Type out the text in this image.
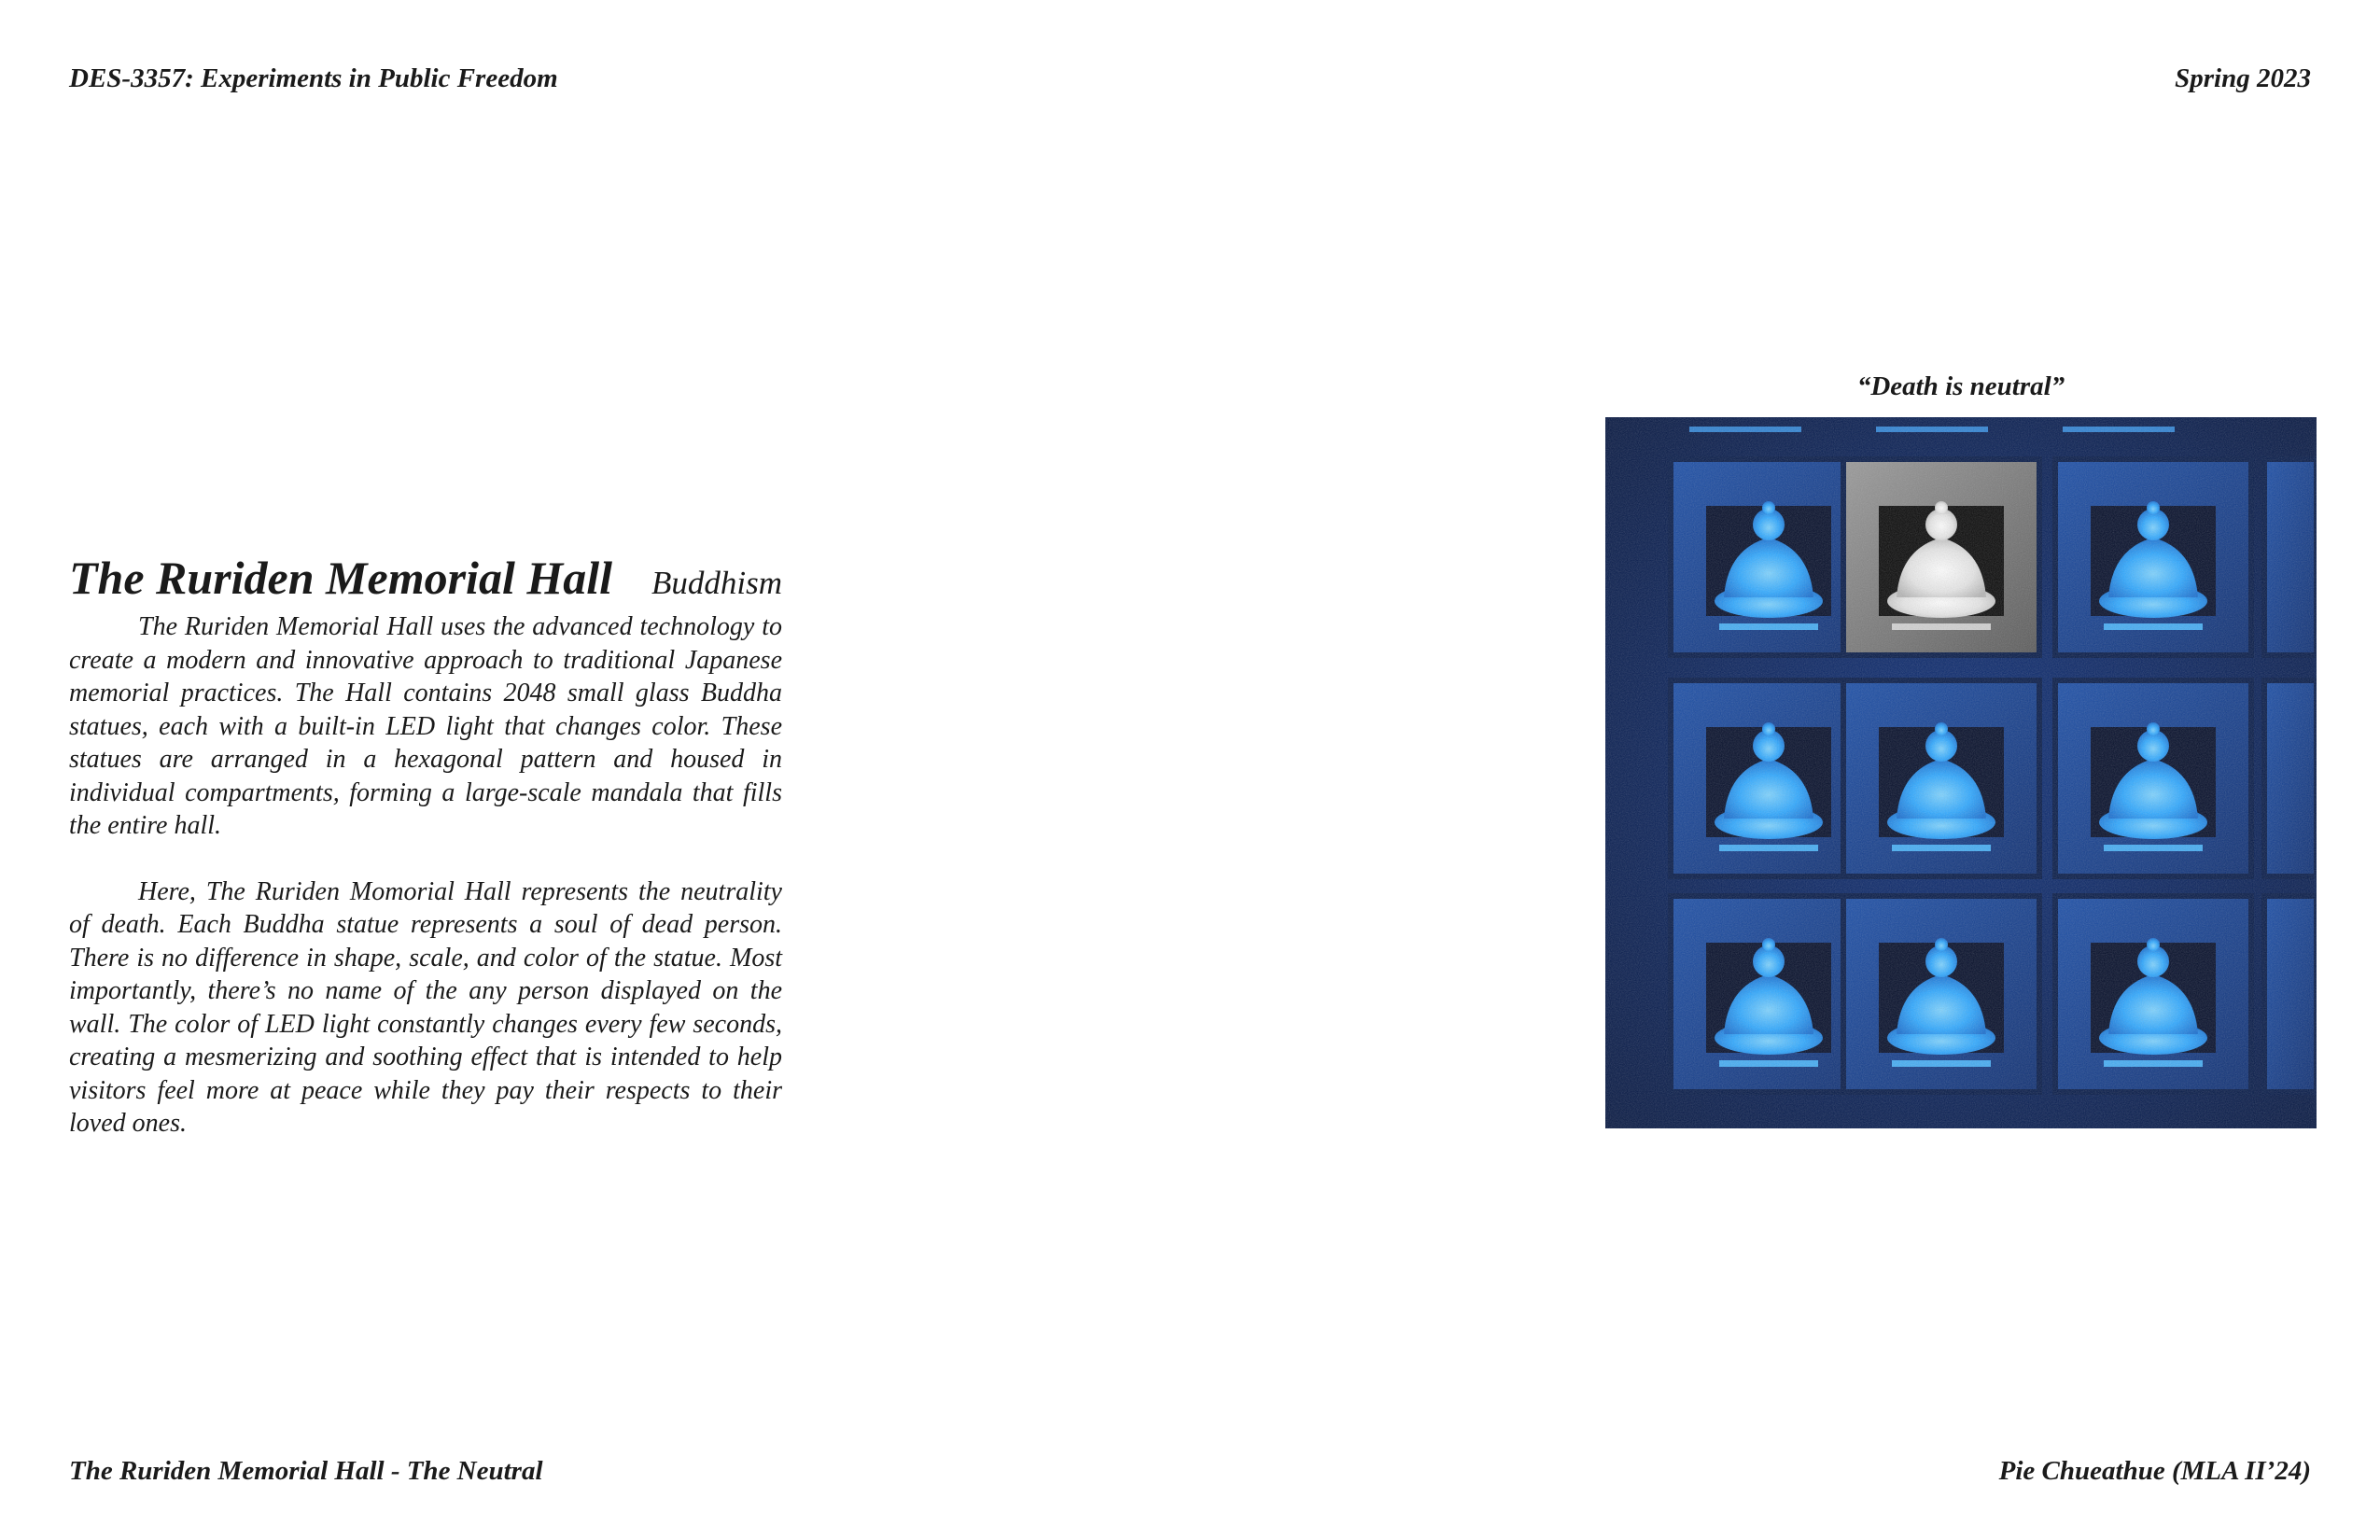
DES-3357: Experiments in Public Freedom	Spring 2023
The Ruriden Memorial Hall Buddhism

The Ruriden Memorial Hall uses the advanced technology to create a modern and innovative approach to traditional Japanese memorial practices. The Hall contains 2048 small glass Buddha statues, each with a built-in LED light that changes color. These statues are arranged in a hexagonal pattern and housed in individual compartments, forming a large-scale mandala that fills the entire hall.

Here, The Ruriden Momorial Hall represents the neutrality of death. Each Buddha statue represents a soul of dead person. There is no difference in shape, scale, and color of the statue. Most importantly, there’s no name of the any person displayed on the wall. The color of LED light constantly changes every few seconds, creating a mesmerizing and soothing effect that is intended to help visitors feel more at peace while they pay their respects to their loved ones.

“Death is neutral”
The Ruriden Memorial Hall - The Neutral	Pie Chueathue (MLA II’24)
